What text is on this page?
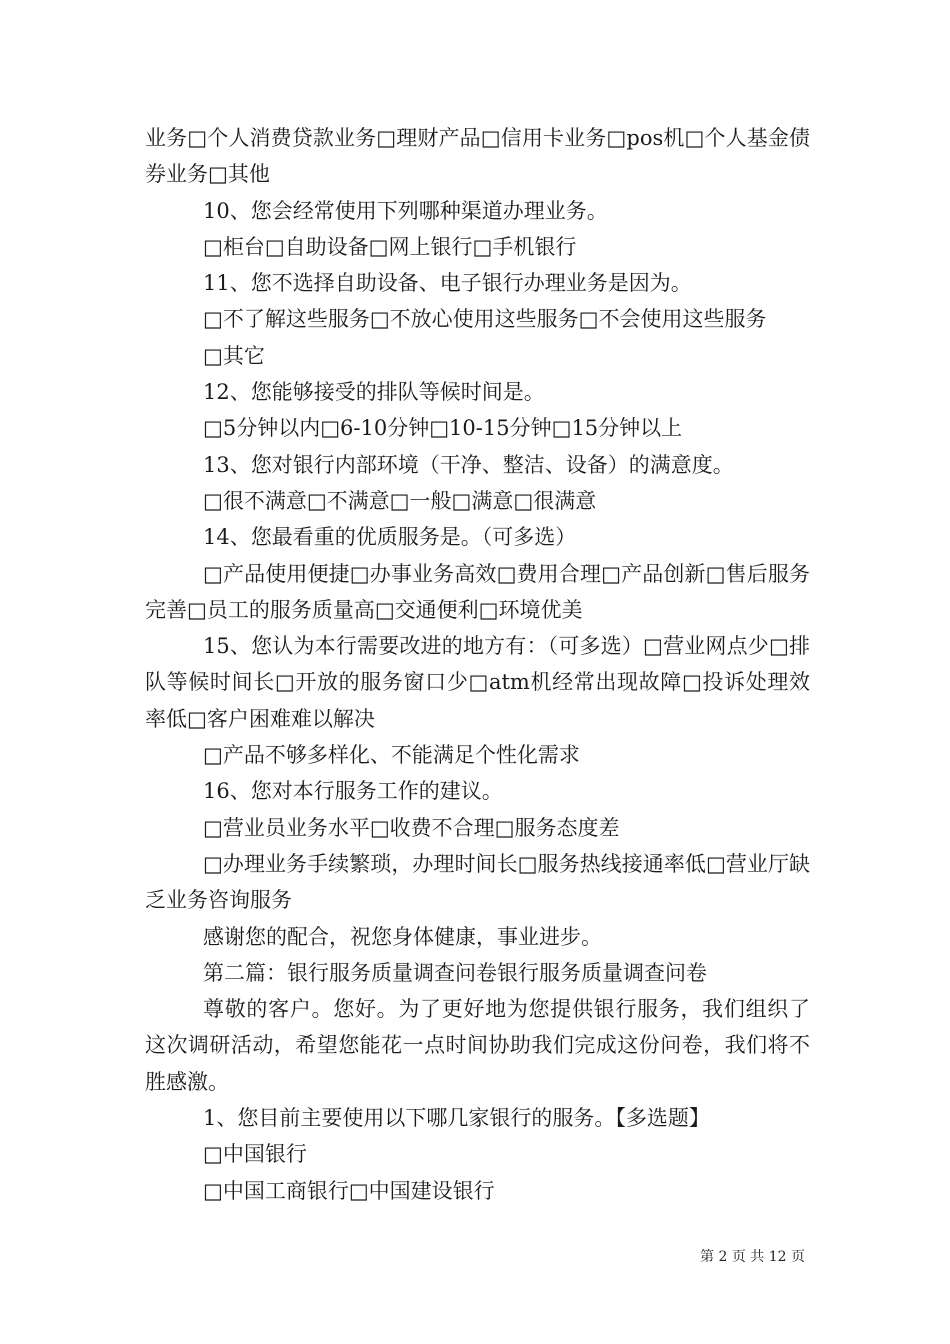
业务□个人消费贷款业务□理财产品□信用卡业务□pos机□个人基金债券业务□其他

10、您会经常使用下列哪种渠道办理业务。

□柜台□自助设备□网上银行□手机银行

11、您不选择自助设备、电子银行办理业务是因为。

□不了解这些服务□不放心使用这些服务□不会使用这些服务

□其它

12、您能够接受的排队等候时间是。

□5分钟以内□6-10分钟□10-15分钟□15分钟以上

13、您对银行内部环境（干净、整洁、设备）的满意度。

□很不满意□不满意□一般□满意□很满意

14、您最看重的优质服务是。（可多选）

□产品使用便捷□办事业务高效□费用合理□产品创新□售后服务完善□员工的服务质量高□交通便利□环境优美

15、您认为本行需要改进的地方有：（可多选）□营业网点少□排队等候时间长□开放的服务窗口少□atm机经常出现故障□投诉处理效率低□客户困难难以解决

□产品不够多样化、不能满足个性化需求

16、您对本行服务工作的建议。

□营业员业务水平□收费不合理□服务态度差

□办理业务手续繁琐，办理时间长□服务热线接通率低□营业厅缺乏业务咨询服务

感谢您的配合，祝您身体健康，事业进步。

第二篇：银行服务质量调查问卷银行服务质量调查问卷

尊敬的客户。您好。为了更好地为您提供银行服务，我们组织了这次调研活动，希望您能花一点时间协助我们完成这份问卷，我们将不胜感激。

1、您目前主要使用以下哪几家银行的服务。【多选题】

□中国银行

□中国工商银行□中国建设银行

第 2 页 共 12 页
